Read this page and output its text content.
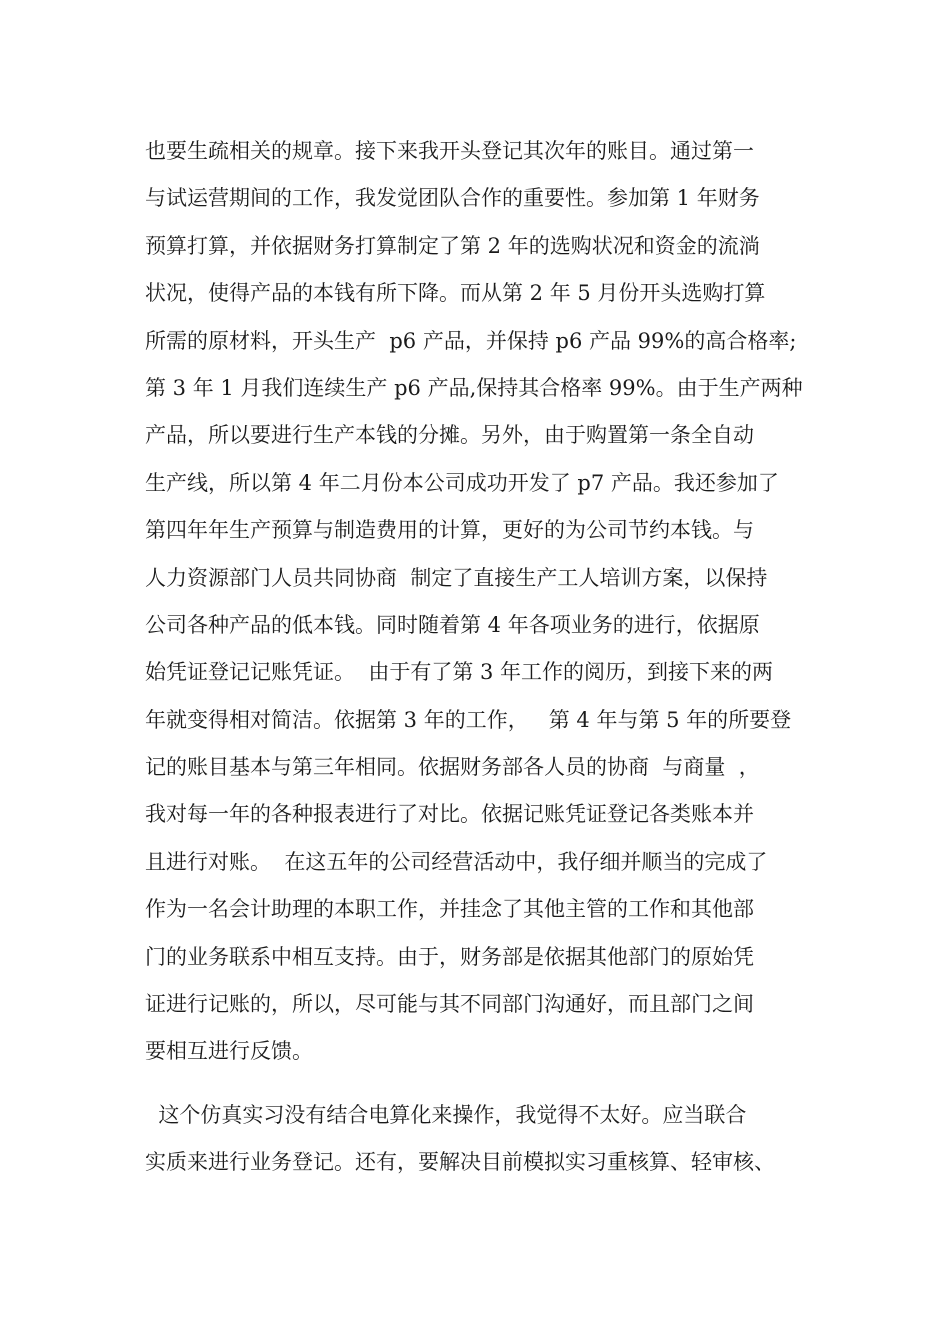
也要生疏相关的规章。接下来我开头登记其次年的账目。通过第一
与试运营期间的工作，我发觉团队合作的重要性。参加第 1 年财务
预算打算，并依据财务打算制定了第 2 年的选购状况和资金的流淌
状况，使得产品的本钱有所下降。而从第 2 年 5 月份开头选购打算
所需的原材料，开头生产  p6 产品，并保持 p6 产品 99%的高合格率;
第 3 年 1 月我们连续生产 p6 产品,保持其合格率 99%。由于生产两种
产品，所以要进行生产本钱的分摊。另外，由于购置第一条全自动
生产线，所以第 4 年二月份本公司成功开发了 p7 产品。我还参加了
第四年年生产预算与制造费用的计算，更好的为公司节约本钱。与
人力资源部门人员共同协商  制定了直接生产工人培训方案，以保持
公司各种产品的低本钱。同时随着第 4 年各项业务的进行，依据原
始凭证登记记账凭证。  由于有了第 3 年工作的阅历，到接下来的两
年就变得相对简洁。依据第 3 年的工作，   第 4 年与第 5 年的所要登
记的账目基本与第三年相同。依据财务部各人员的协商  与商量  ，
我对每一年的各种报表进行了对比。依据记账凭证登记各类账本并
且进行对账。  在这五年的公司经营活动中，我仔细并顺当的完成了
作为一名会计助理的本职工作，并挂念了其他主管的工作和其他部
门的业务联系中相互支持。由于，财务部是依据其他部门的原始凭
证进行记账的，所以，尽可能与其不同部门沟通好，而且部门之间
要相互进行反馈。
这个仿真实习没有结合电算化来操作，我觉得不太好。应当联合
实质来进行业务登记。还有，要解决目前模拟实习重核算、轻审核、
